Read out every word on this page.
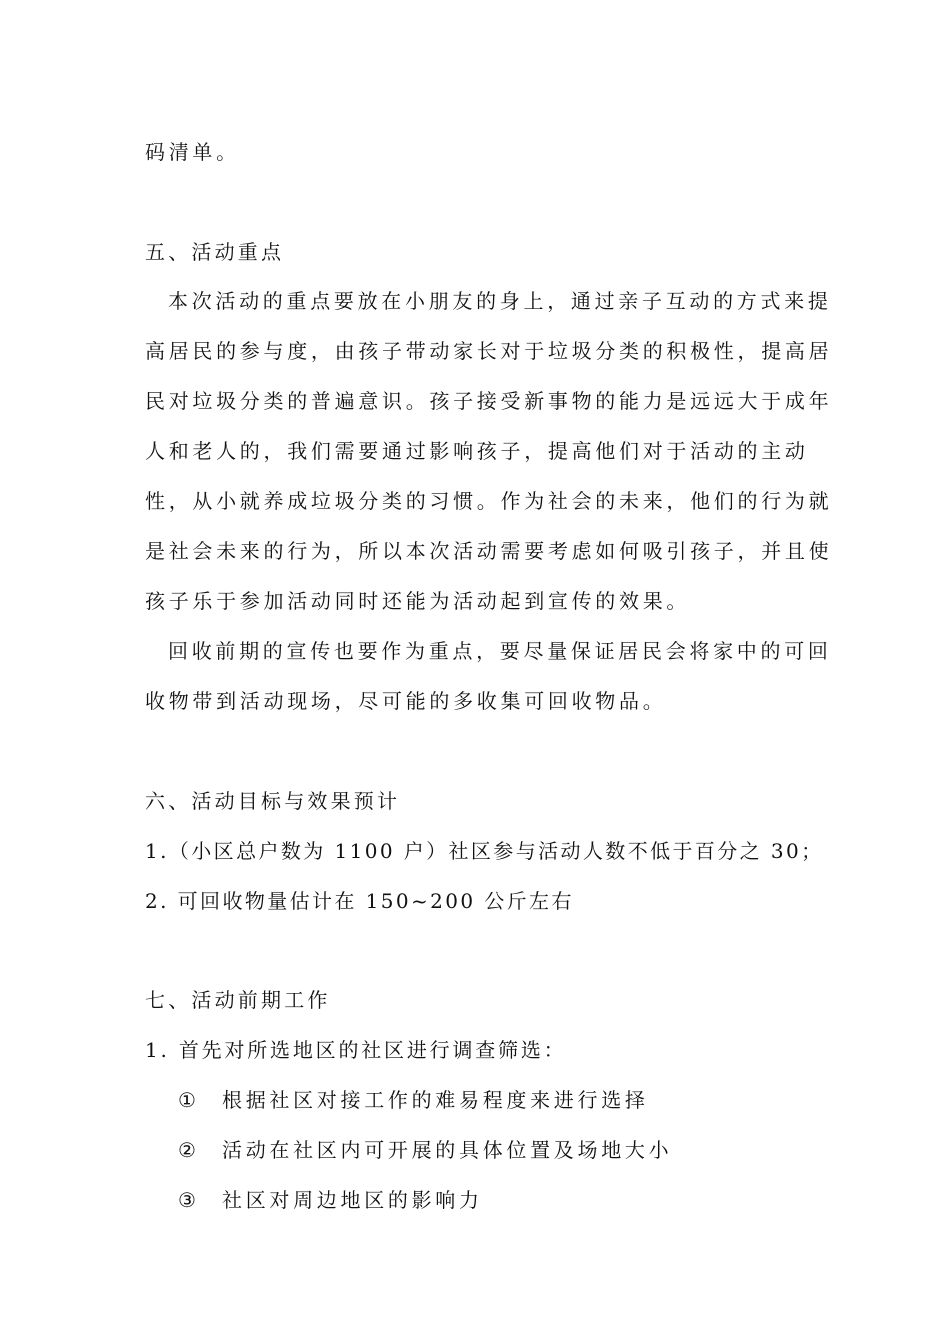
码清单。
五、活动重点
本次活动的重点要放在小朋友的身上，通过亲子互动的方式来提
高居民的参与度，由孩子带动家长对于垃圾分类的积极性，提高居
民对垃圾分类的普遍意识。孩子接受新事物的能力是远远大于成年
人和老人的，我们需要通过影响孩子，提高他们对于活动的主动
性，从小就养成垃圾分类的习惯。作为社会的未来，他们的行为就
是社会未来的行为，所以本次活动需要考虑如何吸引孩子，并且使
孩子乐于参加活动同时还能为活动起到宣传的效果。
回收前期的宣传也要作为重点，要尽量保证居民会将家中的可回
收物带到活动现场，尽可能的多收集可回收物品。
六、活动目标与效果预计
1.（小区总户数为 1100 户）社区参与活动人数不低于百分之 30；
2. 可回收物量估计在 150~200 公斤左右
七、活动前期工作
1. 首先对所选地区的社区进行调查筛选：
① 根据社区对接工作的难易程度来进行选择
② 活动在社区内可开展的具体位置及场地大小
③ 社区对周边地区的影响力
